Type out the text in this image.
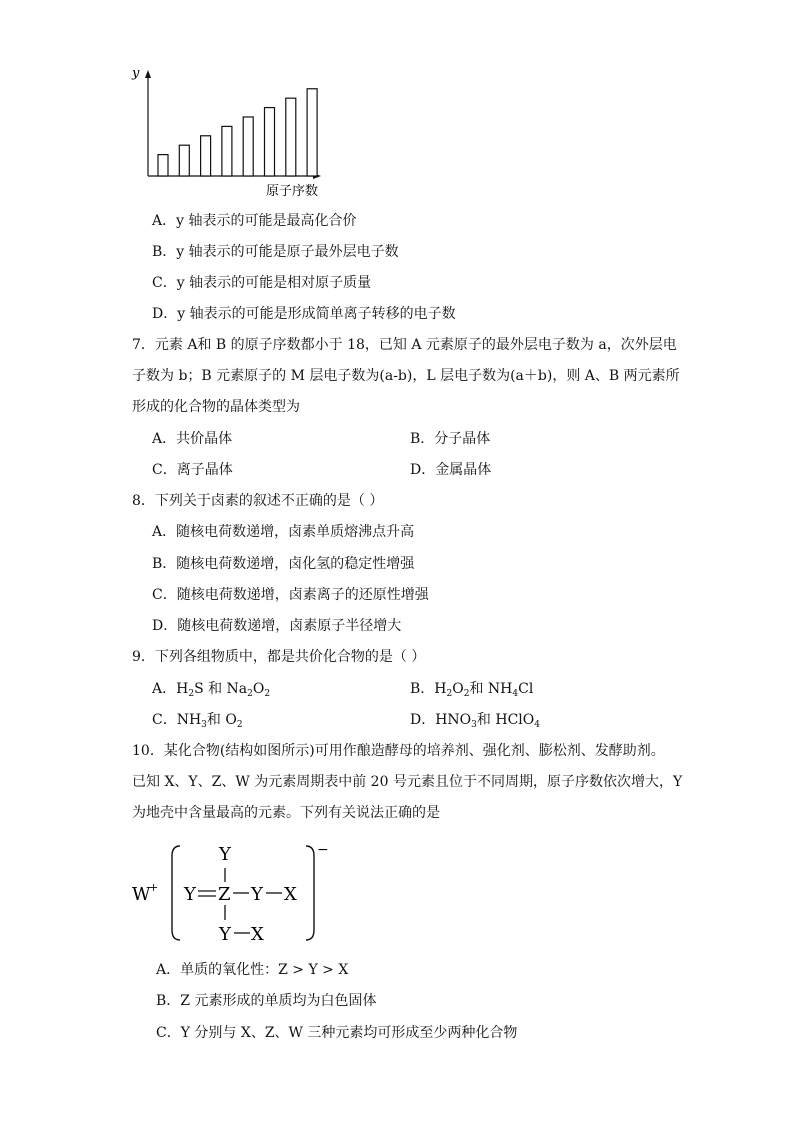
y
原子序数
A．y 轴表示的可能是最高化合价
B．y 轴表示的可能是原子最外层电子数
C．y 轴表示的可能是相对原子质量
D．y 轴表示的可能是形成简单离子转移的电子数
7．元素 A和 B 的原子序数都小于 18，已知 A 元素原子的最外层电子数为 a，次外层电
子数为 b；B 元素原子的 M 层电子数为(a-b)，L 层电子数为(a＋b)，则 A、B 两元素所
形成的化合物的晶体类型为
A．共价晶体	B．分子晶体
C．离子晶体	D．金属晶体
8．下列关于卤素的叙述不正确的是（ ）
A．随核电荷数递增，卤素单质熔沸点升高
B．随核电荷数递增，卤化氢的稳定性增强
C．随核电荷数递增，卤素离子的还原性增强
D．随核电荷数递增，卤素原子半径增大
9．下列各组物质中，都是共价化合物的是（ ）
A．$H_2S$ 和 $Na_2O_2$	B．$H_2O_2$和 $NH_4Cl$
C．$NH_3$和 $O_2$	D．$HNO_3$和 HClO$_4$
10．某化合物(结构如图所示)可用作酿造酵母的培养剂、强化剂、膨松剂、发酵助剂。
已知 X、Y、Z、W 为元素周期表中前 20 号元素且位于不同周期，原子序数依次增大，Y
为地壳中含量最高的元素。下列有关说法正确的是
W
+
−
Y
Y Z Y X
Y X
A．单质的氧化性：Z > Y > X
B．Z 元素形成的单质均为白色固体
C．Y 分别与 X、Z、W 三种元素均可形成至少两种化合物
